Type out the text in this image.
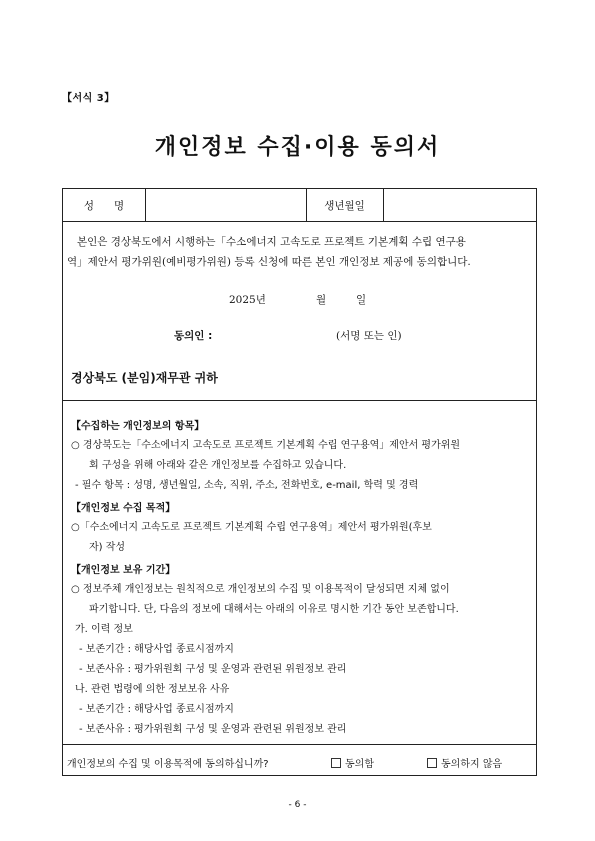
【서식 3】
개인정보 수집·이용 동의서
성      명	생년월일
본인은 경상북도에서 시행하는「수소에너지 고속도로 프로젝트 기본계획 수립 연구용
역」제안서 평가위원(예비평가위원) 등록 신청에 따른 본인 개인정보 제공에 동의합니다.
2025년	월	일
동의인 :	(서명 또는 인)
경상북도 (분임)재무관 귀하
【수집하는 개인정보의 항목】
○ 경상북도는「수소에너지 고속도로 프로젝트 기본계획 수립 연구용역」제안서 평가위원
회 구성을 위해 아래와 같은 개인정보를 수집하고 있습니다.
- 필수 항목 : 성명, 생년월일, 소속, 직위, 주소, 전화번호, e-mail, 학력 및 경력
【개인정보 수집 목적】
○「수소에너지 고속도로 프로젝트 기본계획 수립 연구용역」제안서 평가위원(후보
자) 작성
【개인정보 보유 기간】
○ 정보주체 개인정보는 원칙적으로 개인정보의 수집 및 이용목적이 달성되면 지체 없이
파기합니다. 단, 다음의 정보에 대해서는 아래의 이유로 명시한 기간 동안 보존합니다.
가. 이력 정보
- 보존기간 : 해당사업 종료시점까지
- 보존사유 : 평가위원회 구성 및 운영과 관련된 위원정보 관리
나. 관련 법령에 의한 정보보유 사유
- 보존기간 : 해당사업 종료시점까지
- 보존사유 : 평가위원회 구성 및 운영과 관련된 위원정보 관리
개인정보의 수집 및 이용목적에 동의하십니까?	동의함	동의하지 않음
- 6 -
